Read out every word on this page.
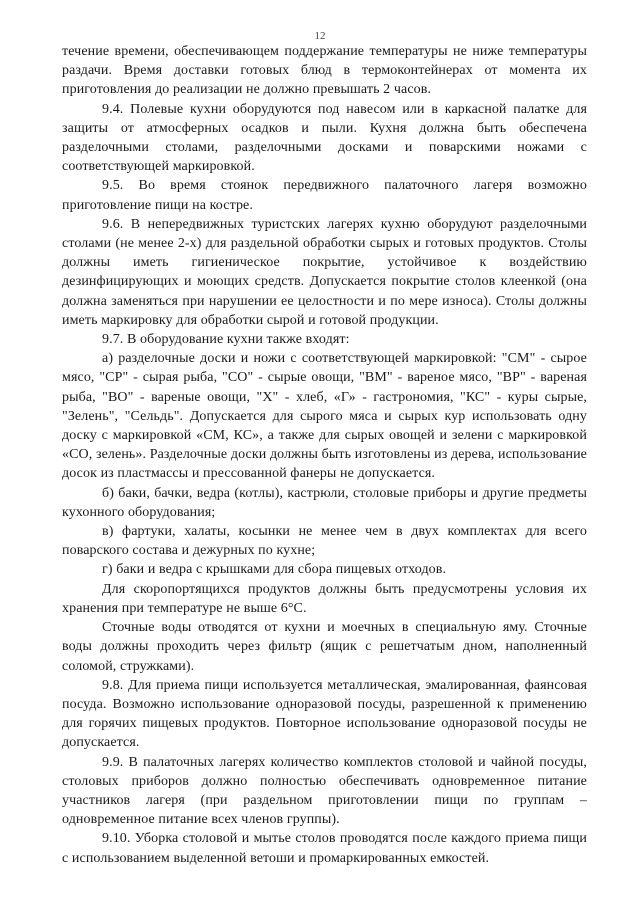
12

течение времени, обеспечивающем поддержание температуры не ниже температуры раздачи. Время доставки готовых блюд в термоконтейнерах от момента их приготовления до реализации не должно превышать 2 часов.

9.4. Полевые кухни оборудуются под навесом или в каркасной палатке для защиты от атмосферных осадков и пыли. Кухня должна быть обеспечена разделочными столами, разделочными досками и поварскими ножами с соответствующей маркировкой.

9.5. Во время стоянок передвижного палаточного лагеря возможно приготовление пищи на костре.

9.6. В непередвижных туристских лагерях кухню оборудуют разделочными столами (не менее 2-х) для раздельной обработки сырых и готовых продуктов. Столы должны иметь гигиеническое покрытие, устойчивое к воздействию дезинфицирующих и моющих средств. Допускается покрытие столов клеенкой (она должна заменяться при нарушении ее целостности и по мере износа). Столы должны иметь маркировку для обработки сырой и готовой продукции.

9.7. В оборудование кухни также входят:

а) разделочные доски и ножи с соответствующей маркировкой: "СМ" - сырое мясо, "СР" - сырая рыба, "СО" - сырые овощи, "ВМ" - вареное мясо, "ВР" - вареная рыба, "ВО" - вареные овощи, "X" - хлеб, «Г» - гастрономия, "КС" - куры сырые, "Зелень", "Сельдь". Допускается для сырого мяса и сырых кур использовать одну доску с маркировкой «СМ, КС», а также для сырых овощей и зелени с маркировкой «СО, зелень». Разделочные доски должны быть изготовлены из дерева, использование досок из пластмассы и прессованной фанеры не допускается.

б) баки, бачки, ведра (котлы), кастрюли, столовые приборы и другие предметы кухонного оборудования;

в) фартуки, халаты, косынки не менее чем в двух комплектах для всего поварского состава и дежурных по кухне;

г) баки и ведра с крышками для сбора пищевых отходов.

Для скоропортящихся продуктов должны быть предусмотрены условия их хранения при температуре не выше 6°С.

Сточные воды отводятся от кухни и моечных в специальную яму. Сточные воды должны проходить через фильтр (ящик с решетчатым дном, наполненный соломой, стружками).

9.8. Для приема пищи используется металлическая, эмалированная, фаянсовая посуда. Возможно использование одноразовой посуды, разрешенной к применению для горячих пищевых продуктов. Повторное использование одноразовой посуды не допускается.

9.9. В палаточных лагерях количество комплектов столовой и чайной посуды, столовых приборов должно полностью обеспечивать одновременное питание участников лагеря (при раздельном приготовлении пищи по группам – одновременное питание всех членов группы).

9.10. Уборка столовой и мытье столов проводятся после каждого приема пищи с использованием выделенной ветоши и промаркированных емкостей.
